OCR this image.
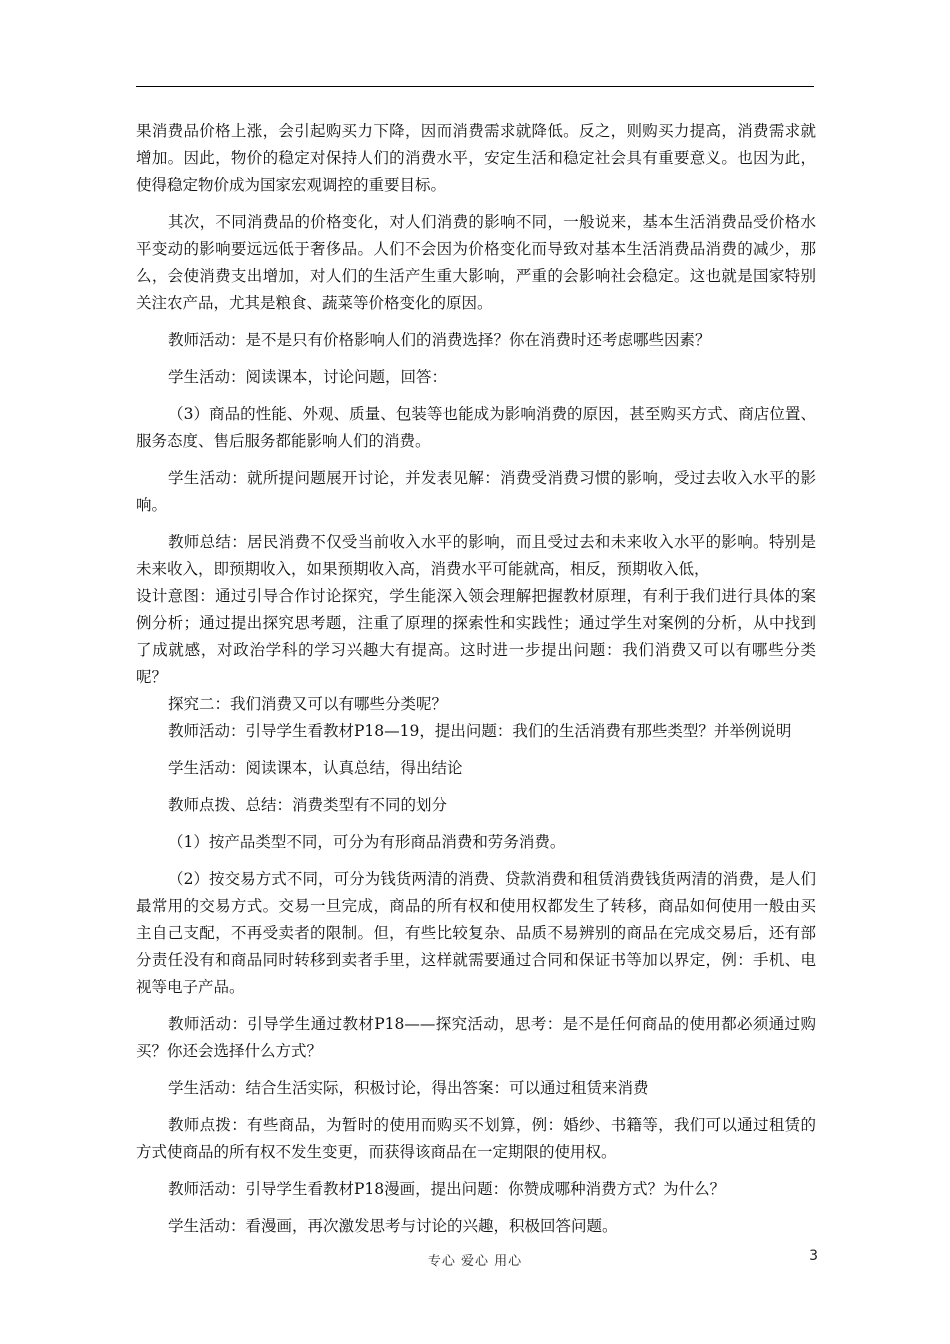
果消费品价格上涨，会引起购买力下降，因而消费需求就降低。反之，则购买力提高，消费需求就增加。因此，物价的稳定对保持人们的消费水平，安定生活和稳定社会具有重要意义。也因为此，使得稳定物价成为国家宏观调控的重要目标。

其次，不同消费品的价格变化，对人们消费的影响不同，一般说来，基本生活消费品受价格水平变动的影响要远远低于奢侈品。人们不会因为价格变化而导致对基本生活消费品消费的减少，那么，会使消费支出增加，对人们的生活产生重大影响，严重的会影响社会稳定。这也就是国家特别关注农产品，尤其是粮食、蔬菜等价格变化的原因。

教师活动：是不是只有价格影响人们的消费选择？你在消费时还考虑哪些因素？

学生活动：阅读课本，讨论问题，回答：

（3）商品的性能、外观、质量、包装等也能成为影响消费的原因，甚至购买方式、商店位置、服务态度、售后服务都能影响人们的消费。

学生活动：就所提问题展开讨论，并发表见解：消费受消费习惯的影响，受过去收入水平的影响。

教师总结：居民消费不仅受当前收入水平的影响，而且受过去和未来收入水平的影响。特别是未来收入，即预期收入，如果预期收入高，消费水平可能就高，相反，预期收入低，

设计意图：通过引导合作讨论探究，学生能深入领会理解把握教材原理，有利于我们进行具体的案例分析；通过提出探究思考题，注重了原理的探索性和实践性；通过学生对案例的分析，从中找到了成就感，对政治学科的学习兴趣大有提高。这时进一步提出问题：我们消费又可以有哪些分类呢？

探究二：我们消费又可以有哪些分类呢？

教师活动：引导学生看教材P18—19，提出问题：我们的生活消费有那些类型？并举例说明

学生活动：阅读课本，认真总结，得出结论

教师点拨、总结：消费类型有不同的划分

（1）按产品类型不同，可分为有形商品消费和劳务消费。

（2）按交易方式不同，可分为钱货两清的消费、贷款消费和租赁消费钱货两清的消费，是人们最常用的交易方式。交易一旦完成，商品的所有权和使用权都发生了转移，商品如何使用一般由买主自己支配，不再受卖者的限制。但，有些比较复杂、品质不易辨别的商品在完成交易后，还有部分责任没有和商品同时转移到卖者手里，这样就需要通过合同和保证书等加以界定，例：手机、电视等电子产品。

教师活动：引导学生通过教材P18——探究活动，思考：是不是任何商品的使用都必须通过购买？你还会选择什么方式？

学生活动：结合生活实际，积极讨论，得出答案：可以通过租赁来消费

教师点拨：有些商品，为暂时的使用而购买不划算，例：婚纱、书籍等，我们可以通过租赁的方式使商品的所有权不发生变更，而获得该商品在一定期限的使用权。

教师活动：引导学生看教材P18漫画，提出问题：你赞成哪种消费方式？为什么？

学生活动：看漫画，再次激发思考与讨论的兴趣，积极回答问题。

专心 爱心 用心	3
